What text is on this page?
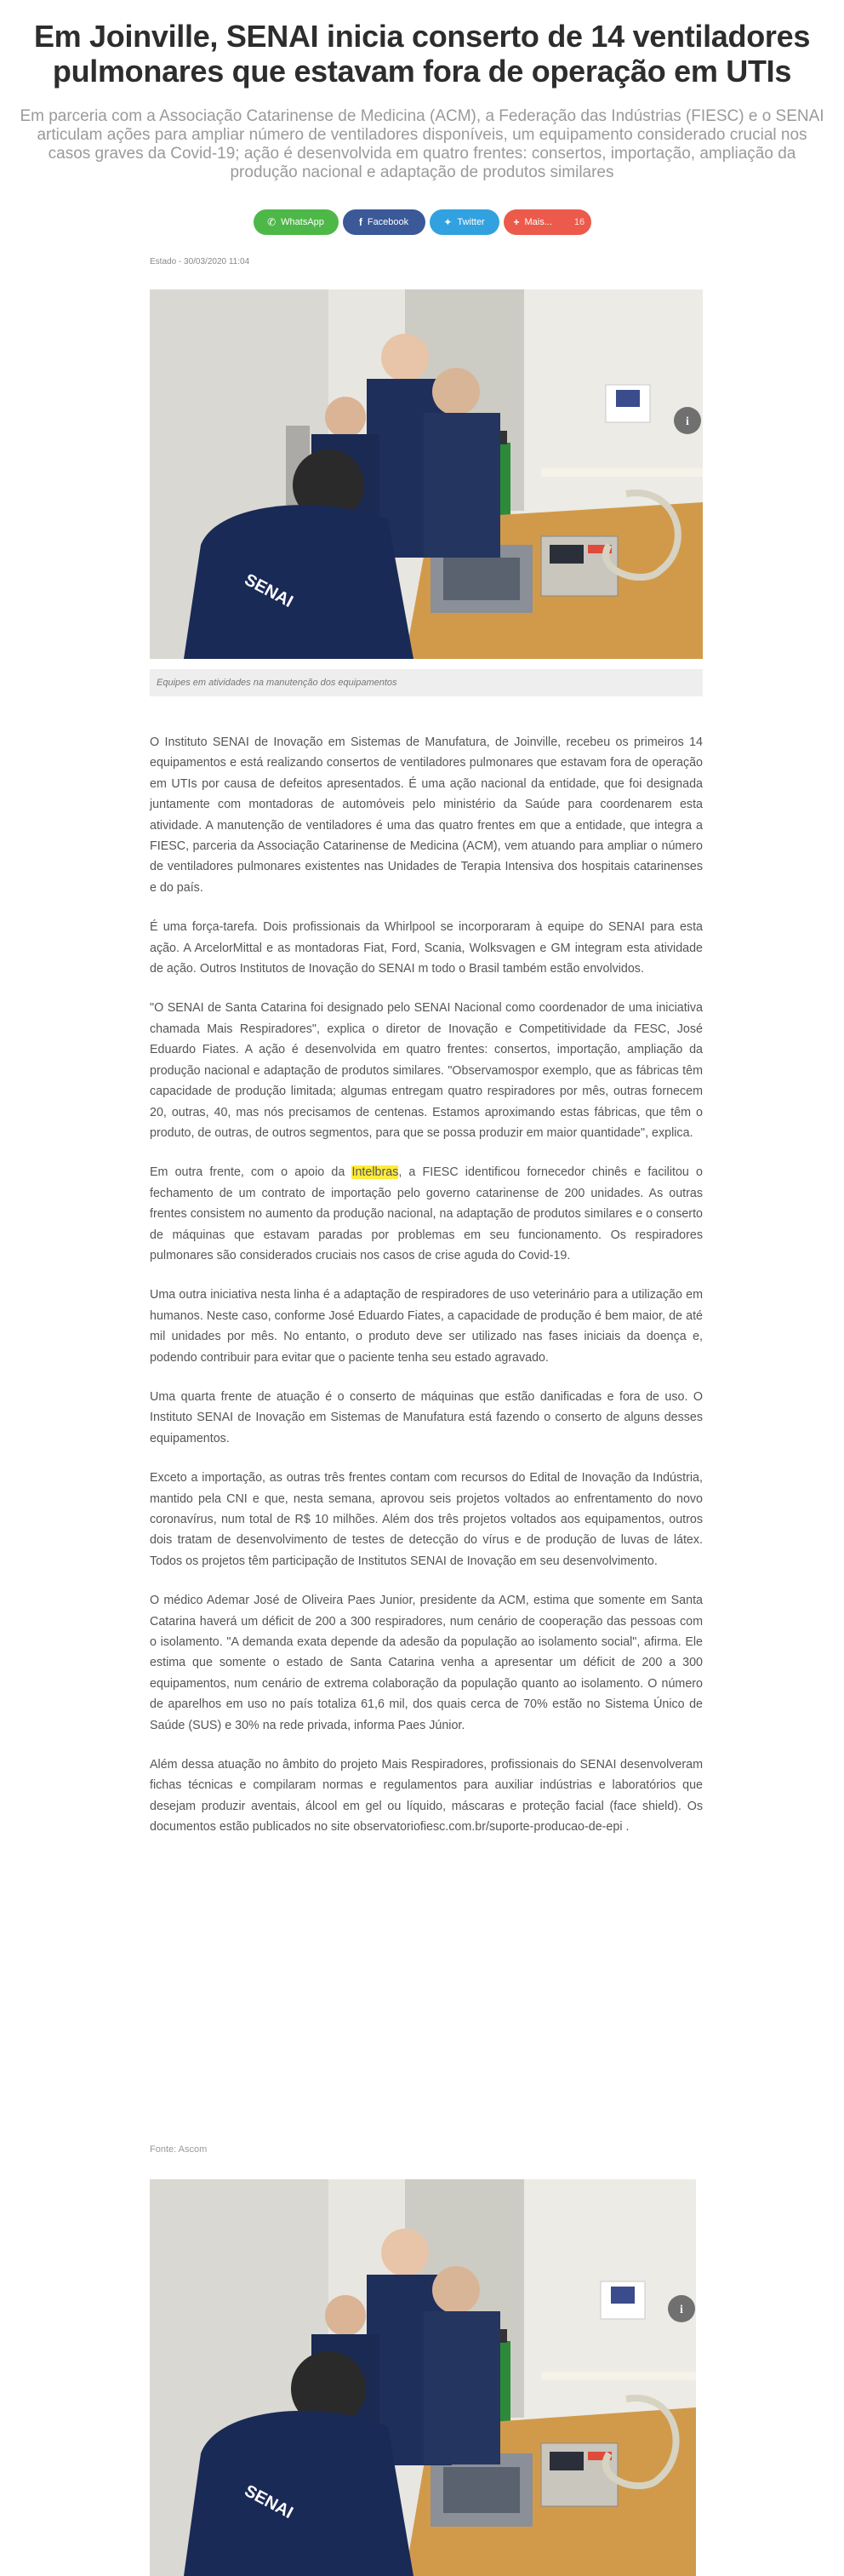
Em Joinville, SENAI inicia conserto de 14 ventiladores pulmonares que estavam fora de operação em UTIs

Em parceria com a Associação Catarinense de Medicina (ACM), a Federação das Indústrias (FIESC) e o SENAI articulam ações para ampliar número de ventiladores disponíveis, um equipamento considerado crucial nos casos graves da Covid-19; ação é desenvolvida em quatro frentes: consertos, importação, ampliação da produção nacional e adaptação de produtos similares

✆ WhatsApp	f Facebook	✦ Twitter	+ Mais... 16
Estado - 30/03/2020 11:04
SENAI
i
Equipes em atividades na manutenção dos equipamentos

O Instituto SENAI de Inovação em Sistemas de Manufatura, de Joinville, recebeu os primeiros 14 equipamentos e está realizando consertos de ventiladores pulmonares que estavam fora de operação em UTIs por causa de defeitos apresentados. É uma ação nacional da entidade, que foi designada juntamente com montadoras de automóveis pelo ministério da Saúde para coordenarem esta atividade. A manutenção de ventiladores é uma das quatro frentes em que a entidade, que integra a FIESC, parceria da Associação Catarinense de Medicina (ACM), vem atuando para ampliar o número de ventiladores pulmonares existentes nas Unidades de Terapia Intensiva dos hospitais catarinenses e do país.

É uma força-tarefa. Dois profissionais da Whirlpool se incorporaram à equipe do SENAI para esta ação. A ArcelorMittal e as montadoras Fiat, Ford, Scania, Wolksvagen e GM integram esta atividade de ação. Outros Institutos de Inovação do SENAI m todo o Brasil também estão envolvidos.

"O SENAI de Santa Catarina foi designado pelo SENAI Nacional como coordenador de uma iniciativa chamada Mais Respiradores", explica o diretor de Inovação e Competitividade da FESC, José Eduardo Fiates. A ação é desenvolvida em quatro frentes: consertos, importação, ampliação da produção nacional e adaptação de produtos similares. "Observamospor exemplo, que as fábricas têm capacidade de produção limitada; algumas entregam quatro respiradores por mês, outras fornecem 20, outras, 40, mas nós precisamos de centenas. Estamos aproximando estas fábricas, que têm o produto, de outras, de outros segmentos, para que se possa produzir em maior quantidade", explica.

Em outra frente, com o apoio da Intelbras, a FIESC identificou fornecedor chinês e facilitou o fechamento de um contrato de importação pelo governo catarinense de 200 unidades. As outras frentes consistem no aumento da produção nacional, na adaptação de produtos similares e o conserto de máquinas que estavam paradas por problemas em seu funcionamento. Os respiradores pulmonares são considerados cruciais nos casos de crise aguda do Covid-19.

Uma outra iniciativa nesta linha é a adaptação de respiradores de uso veterinário para a utilização em humanos. Neste caso, conforme José Eduardo Fiates, a capacidade de produção é bem maior, de até mil unidades por mês. No entanto, o produto deve ser utilizado nas fases iniciais da doença e, podendo contribuir para evitar que o paciente tenha seu estado agravado.

Uma quarta frente de atuação é o conserto de máquinas que estão danificadas e fora de uso. O Instituto SENAI de Inovação em Sistemas de Manufatura está fazendo o conserto de alguns desses equipamentos.

Exceto a importação, as outras três frentes contam com recursos do Edital de Inovação da Indústria, mantido pela CNI e que, nesta semana, aprovou seis projetos voltados ao enfrentamento do novo coronavírus, num total de R$ 10 milhões. Além dos três projetos voltados aos equipamentos, outros dois tratam de desenvolvimento de testes de detecção do vírus e de produção de luvas de látex. Todos os projetos têm participação de Institutos SENAI de Inovação em seu desenvolvimento.

O médico Ademar José de Oliveira Paes Junior, presidente da ACM, estima que somente em Santa Catarina haverá um déficit de 200 a 300 respiradores, num cenário de cooperação das pessoas com o isolamento. "A demanda exata depende da adesão da população ao isolamento social", afirma. Ele estima que somente o estado de Santa Catarina venha a apresentar um déficit de 200 a 300 equipamentos, num cenário de extrema colaboração da população quanto ao isolamento. O número de aparelhos em uso no país totaliza 61,6 mil, dos quais cerca de 70% estão no Sistema Único de Saúde (SUS) e 30% na rede privada, informa Paes Júnior.

Além dessa atuação no âmbito do projeto Mais Respiradores, profissionais do SENAI desenvolveram fichas técnicas e compilaram normas e regulamentos para auxiliar indústrias e laboratórios que desejam produzir aventais, álcool em gel ou líquido, máscaras e proteção facial (face shield). Os documentos estão publicados no site observatoriofiesc.com.br/suporte-producao-de-epi .

Fonte: Ascom
SENAI
i
